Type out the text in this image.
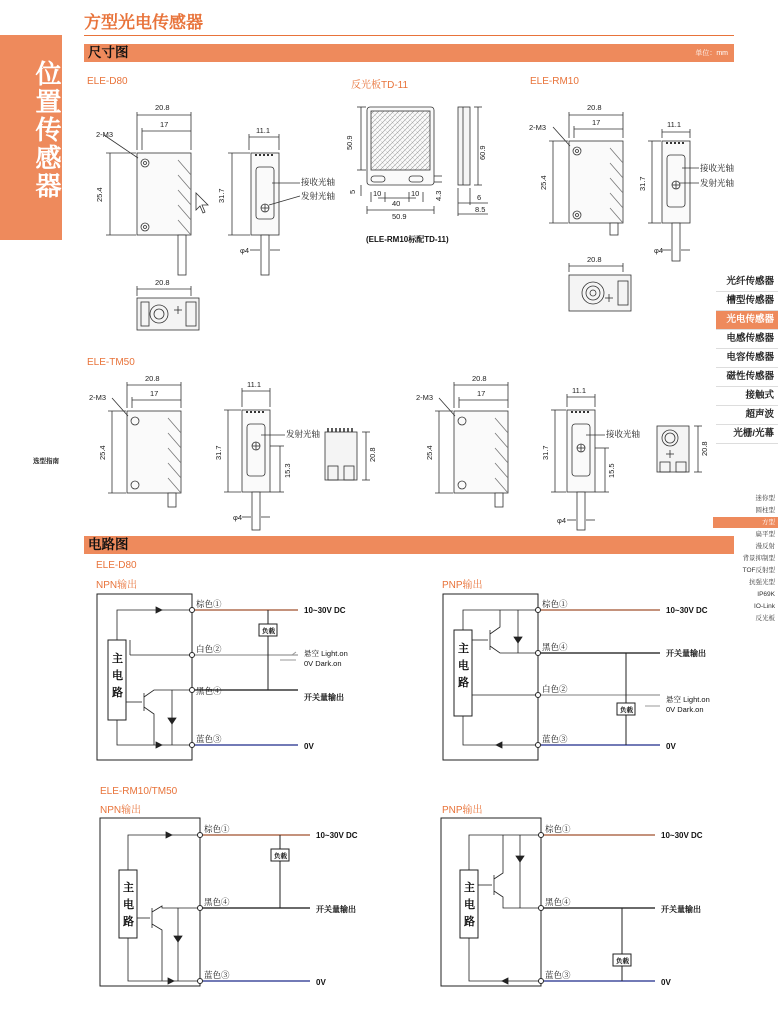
位置传感器
光纤传感器
槽型传感器
光电传感器
电感传感器
电容传感器
磁性传感器
接触式
超声波
光栅/光幕
选型指南
迷你型
圆柱型
方型
扁平型
漫反射
背景抑制型
TOF反射型
抗强光型
IP69K
IO-Link
反光板
方型光电传感器
尺寸图	单位：mm
ELE-D80	反光板TD-11	ELE-RM10
ELE-TM50
20.8
17
2-M3
25.4
11.1
31.7
φ4
接收光轴
发射光轴
20.8
50.9
5
40
10	10 4.3
50.9
60.9
6
8.5
(ELE-RM10标配TD-11)
20.8
17
2-M3
25.4
11.1
31.7
φ4
接收光轴
发射光轴
20.8
20.8
17
2-M3
25.4
11.1
31.7
15.3
φ4
发射光轴
20.8
20.8
17
2-M3
25.4
11.1
31.7
15.5
φ4
接收光轴
20.8
电路图
ELE-D80
NPN输出	PNP输出
ELE-RM10/TM50
NPN输出	PNP输出
主
电
路
棕色①
白色②
黑色④
蓝色③
负载
10~30V DC
悬空 Light.on
0V Dark.on
开关量输出
0V
主
电
路
棕色①
黑色④
白色②
蓝色③
负载
10~30V DC
开关量输出
悬空 Light.on
0V Dark.on
0V
主
电
路
棕色①
黑色④
蓝色③
负载
10~30V DC
开关量输出
0V
主
电
路
棕色①
黑色④
蓝色③
负载
10~30V DC
开关量输出
0V
